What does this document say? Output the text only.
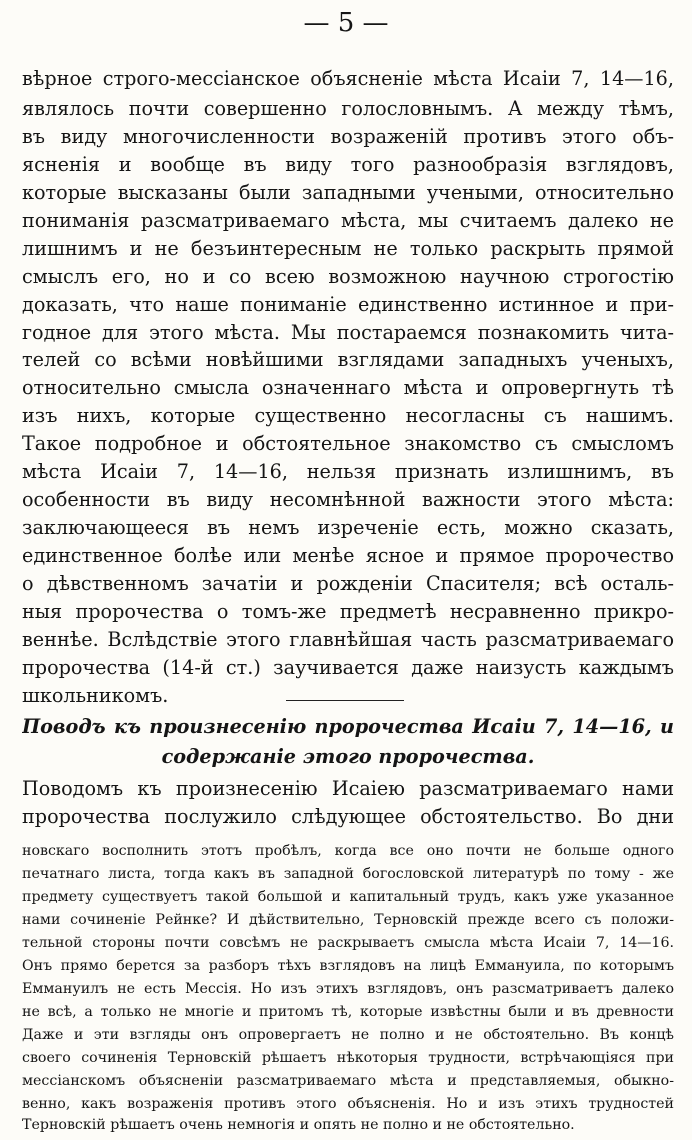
— 5 —
вѣрное строго-мессіанское объясненіе мѣста Исаіи 7, 14—16,
являлось почти совершенно голословнымъ. А между тѣмъ,
въ виду многочисленности возраженій противъ этого объ-
ясненія и вообще въ виду того разнообразія взглядовъ,
которые высказаны были западными учеными, относительно
пониманія разсматриваемаго мѣста, мы считаемъ далеко не
лишнимъ и не безъинтересным не только раскрыть прямой
смыслъ его, но и со всею возможною научною строгостію
доказать, что наше пониманіе единственно истинное и при-
годное для этого мѣста. Мы постараемся познакомить чита-
телей со всѣми новѣйшими взглядами западныхъ ученыхъ,
относительно смысла означеннаго мѣста и опровергнуть тѣ
изъ нихъ, которые существенно несогласны съ нашимъ.
Такое подробное и обстоятельное знакомство съ смысломъ
мѣста Исаіи 7, 14—16, нельзя признать излишнимъ, въ
особенности въ виду несомнѣнной важности этого мѣста:
заключающееся въ немъ изреченіе есть, можно сказать,
единственное болѣе или менѣе ясное и прямое пророчество
о дѣвственномъ зачатіи и рожденіи Спасителя; всѣ осталь-
ныя пророчества о томъ-же предметѣ несравненно прикро-
веннѣе. Вслѣдствіе этого главнѣйшая часть разсматриваемаго
пророчества (14-й ст.) заучивается даже наизусть каждымъ
школьникомъ.
Поводъ къ произнесенію пророчества Исаіи 7, 14—16, и
содержаніе этого пророчества.
Поводомъ къ произнесенію Исаіею разсматриваемаго нами
пророчества послужило слѣдующее обстоятельство. Во дни
новскаго восполнить этотъ пробѣлъ, когда все оно почти не больше одного
печатнаго листа, тогда какъ въ западной богословской литературѣ по тому - же
предмету существуетъ такой большой и капитальный трудъ, какъ уже указанное
нами сочиненіе Рейнке? И дѣйствительно, Терновскій прежде всего съ положи-
тельной стороны почти совсѣмъ не раскрываетъ смысла мѣста Исаіи 7, 14—16.
Онъ прямо берется за разборъ тѣхъ взглядовъ на лицѣ Еммануила, по которымъ
Еммануилъ не есть Мессія. Но изъ этихъ взглядовъ, онъ разсматриваетъ далеко
не всѣ, а только не многіе и притомъ тѣ, которые извѣстны были и въ древности
Даже и эти взгляды онъ опровергаетъ не полно и не обстоятельно. Въ концѣ
своего сочиненія Терновскій рѣшаетъ нѣкоторыя трудности, встрѣчающіяся при
мессіанскомъ объясненіи разсматриваемаго мѣста и представляемыя, обыкно-
венно, какъ возраженія противъ этого объясненія. Но и изъ этихъ трудностей
Терновскій рѣшаетъ очень немногія и опять не полно и не обстоятельно.
